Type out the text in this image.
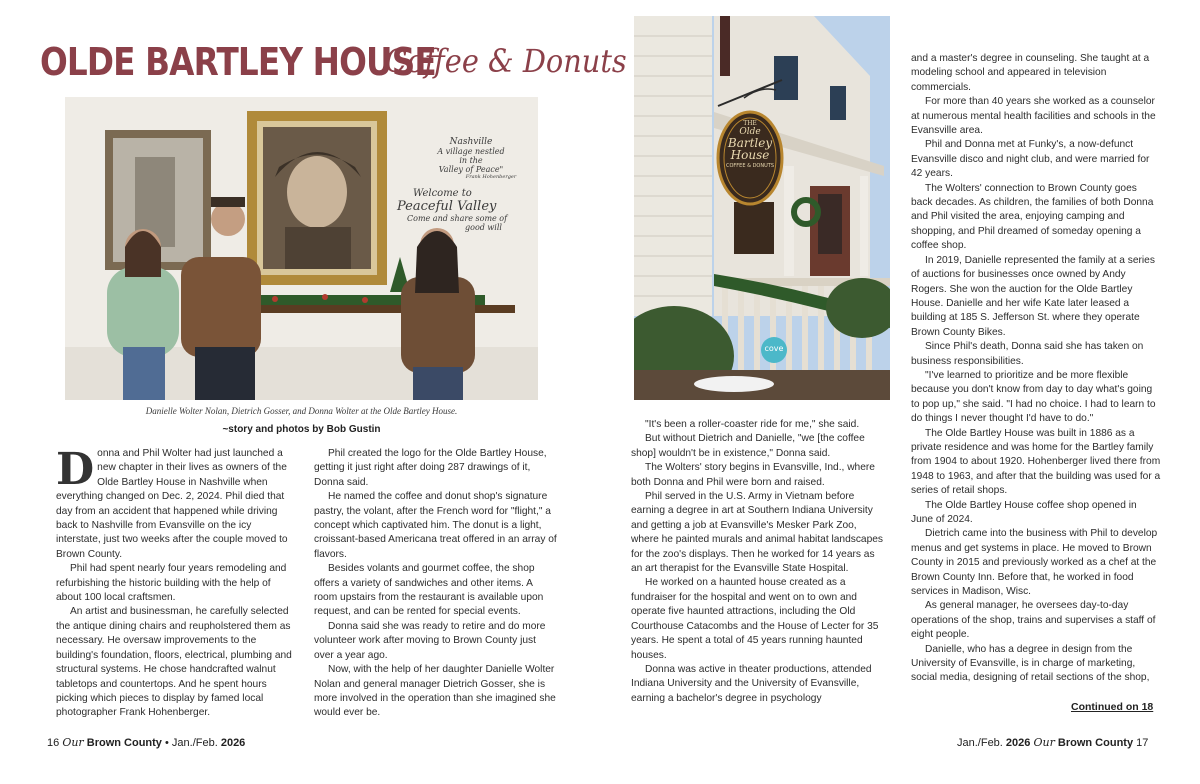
OLDE BARTLEY HOUSE
Coffee & Donuts
Nashville
A village nestled
in the
Valley of Peace"
Frank Hohenberger
Welcome to
Peaceful Valley
Come and share some of
good will
THE
Olde
Bartley
House
COFFEE & DONUTS
cove
Danielle Wolter Nolan, Dietrich Gosser, and Donna Wolter at the Olde Bartley House.
~story and photos by Bob Gustin

Donna and Phil Wolter had just launched a new chapter in their lives as owners of the Olde Bartley House in Nashville when everything changed on Dec. 2, 2024. Phil died that day from an accident that happened while driving back to Nashville from Evansville on the icy interstate, just two weeks after the couple moved to Brown County.

Phil had spent nearly four years remodeling and refurbishing the historic building with the help of about 100 local craftsmen.

An artist and businessman, he carefully selected the antique dining chairs and reupholstered them as necessary. He oversaw improvements to the building's foundation, floors, electrical, plumbing and structural systems. He chose handcrafted walnut tabletops and countertops. And he spent hours picking which pieces to display by famed local photographer Frank Hohenberger.

Phil created the logo for the Olde Bartley House, getting it just right after doing 287 drawings of it, Donna said.

He named the coffee and donut shop's signature pastry, the volant, after the French word for "flight," a concept which captivated him. The donut is a light, croissant-based Americana treat offered in an array of flavors.

Besides volants and gourmet coffee, the shop offers a variety of sandwiches and other items. A room upstairs from the restaurant is available upon request, and can be rented for special events.

Donna said she was ready to retire and do more volunteer work after moving to Brown County just over a year ago.

Now, with the help of her daughter Danielle Wolter Nolan and general manager Dietrich Gosser, she is more involved in the operation than she imagined she would ever be.

"It's been a roller-coaster ride for me," she said.

But without Dietrich and Danielle, "we [the coffee shop] wouldn't be in existence," Donna said.

The Wolters' story begins in Evansville, Ind., where both Donna and Phil were born and raised.

Phil served in the U.S. Army in Vietnam before earning a degree in art at Southern Indiana University and getting a job at Evansville's Mesker Park Zoo, where he painted murals and animal habitat landscapes for the zoo's displays. Then he worked for 14 years as an art therapist for the Evansville State Hospital.

He worked on a haunted house created as a fundraiser for the hospital and went on to own and operate five haunted attractions, including the Old Courthouse Catacombs and the House of Lecter for 35 years. He spent a total of 45 years running haunted houses.

Donna was active in theater productions, attended Indiana University and the University of Evansville, earning a bachelor's degree in psychology

and a master's degree in counseling. She taught at a modeling school and appeared in television commercials.

For more than 40 years she worked as a counselor at numerous mental health facilities and schools in the Evansville area.

Phil and Donna met at Funky's, a now-defunct Evansville disco and night club, and were married for 42 years.

The Wolters' connection to Brown County goes back decades. As children, the families of both Donna and Phil visited the area, enjoying camping and shopping, and Phil dreamed of someday opening a coffee shop.

In 2019, Danielle represented the family at a series of auctions for businesses once owned by Andy Rogers. She won the auction for the Olde Bartley House. Danielle and her wife Kate later leased a building at 185 S. Jefferson St. where they operate Brown County Bikes.

Since Phil's death, Donna said she has taken on business responsibilities.

"I've learned to prioritize and be more flexible because you don't know from day to day what's going to pop up," she said. "I had no choice. I had to learn to do things I never thought I'd have to do."

The Olde Bartley House was built in 1886 as a private residence and was home for the Bartley family from 1904 to about 1920. Hohenberger lived there from 1948 to 1963, and after that the building was used for a series of retail shops.

The Olde Bartley House coffee shop opened in June of 2024.

Dietrich came into the business with Phil to develop menus and get systems in place. He moved to Brown County in 2015 and previously worked as a chef at the Brown County Inn. Before that, he worked in food services in Madison, Wisc.

As general manager, he oversees day-to-day operations of the shop, trains and supervises a staff of eight people.

Danielle, who has a degree in design from the University of Evansville, is in charge of marketing, social media, designing of retail sections of the shop,

Continued on 18
16 Our Brown County • Jan./Feb. 2026	Jan./Feb. 2026 Our Brown County 17
